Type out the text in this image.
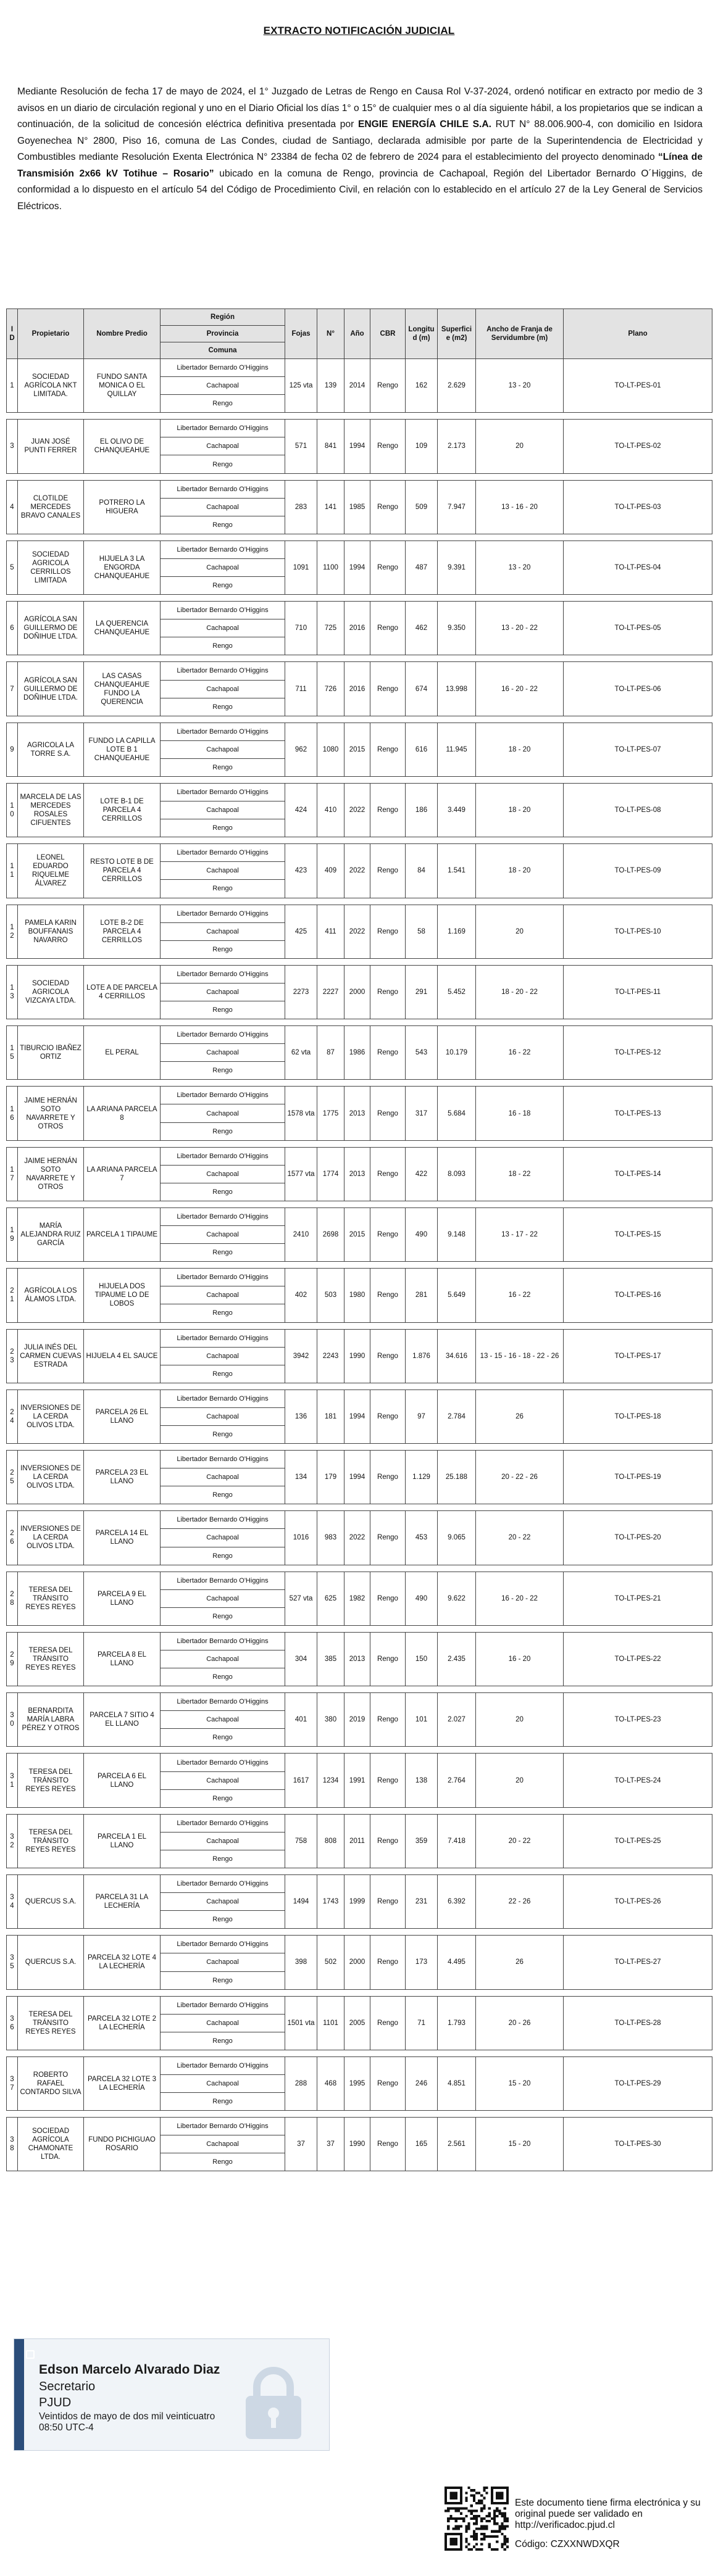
EXTRACTO NOTIFICACIÓN JUDICIAL
Mediante Resolución de fecha 17 de mayo de 2024, el 1° Juzgado de Letras de Rengo en Causa Rol V-37-2024, ordenó notificar en extracto por medio de 3 avisos en un diario de circulación regional y uno en el Diario Oficial los días 1° o 15° de cualquier mes o al día siguiente hábil, a los propietarios que se indican a continuación, de la solicitud de concesión eléctrica definitiva presentada por ENGIE ENERGÍA CHILE S.A. RUT N° 88.006.900-4, con domicilio en Isidora Goyenechea N° 2800, Piso 16, comuna de Las Condes, ciudad de Santiago, declarada admisible por parte de la Superintendencia de Electricidad y Combustibles mediante Resolución Exenta Electrónica N° 23384 de fecha 02 de febrero de 2024 para el establecimiento del proyecto denominado “Línea de Transmisión 2x66 kV Totihue – Rosario” ubicado en la comuna de Rengo, provincia de Cachapoal, Región del Libertador Bernardo O´Higgins, de conformidad a lo dispuesto en el artículo 54 del Código de Procedimiento Civil, en relación con lo establecido en el artículo 27 de la Ley General de Servicios Eléctricos.
ID	Propietario	Nombre Predio	Región	Fojas	N°	Año	CBR	Longitud (m)	Superficie (m2)	Ancho de Franja de Servidumbre (m)	Plano
			Provincia								
			Comuna								
1	SOCIEDAD AGRÍCOLA NKT LIMITADA.	FUNDO SANTA MONICA O EL QUILLAY	Libertador Bernardo O'Higgins	125 vta	139	2014	Rengo	162	2.629	13 - 20	TO-LT-PES-01
			Cachapoal								
			Rengo								

3	JUAN JOSÉ PUNTI FERRER	EL OLIVO DE CHANQUEAHUE	Libertador Bernardo O'Higgins	571	841	1994	Rengo	109	2.173	20	TO-LT-PES-02
			Cachapoal								
			Rengo								

4	CLOTILDE MERCEDES BRAVO CANALES	POTRERO LA HIGUERA	Libertador Bernardo O'Higgins	283	141	1985	Rengo	509	7.947	13 - 16 - 20	TO-LT-PES-03
			Cachapoal								
			Rengo								

5	SOCIEDAD AGRICOLA CERRILLOS LIMITADA	HIJUELA 3 LA ENGORDA CHANQUEAHUE	Libertador Bernardo O'Higgins	1091	1100	1994	Rengo	487	9.391	13 - 20	TO-LT-PES-04
			Cachapoal								
			Rengo								

6	AGRÍCOLA SAN GUILLERMO DE DOÑIHUE LTDA.	LA QUERENCIA CHANQUEAHUE	Libertador Bernardo O'Higgins	710	725	2016	Rengo	462	9.350	13 - 20 - 22	TO-LT-PES-05
			Cachapoal								
			Rengo								

7	AGRÍCOLA SAN GUILLERMO DE DOÑIHUE LTDA.	LAS CASAS CHANQUEAHUE FUNDO LA QUERENCIA	Libertador Bernardo O'Higgins	711	726	2016	Rengo	674	13.998	16 - 20 - 22	TO-LT-PES-06
			Cachapoal								
			Rengo								

9	AGRICOLA LA TORRE S.A.	FUNDO LA CAPILLA LOTE B 1 CHANQUEAHUE	Libertador Bernardo O'Higgins	962	1080	2015	Rengo	616	11.945	18 - 20	TO-LT-PES-07
			Cachapoal								
			Rengo								

10	MARCELA DE LAS MERCEDES ROSALES CIFUENTES	LOTE B-1 DE PARCELA 4 CERRILLOS	Libertador Bernardo O'Higgins	424	410	2022	Rengo	186	3.449	18 - 20	TO-LT-PES-08
			Cachapoal								
			Rengo								

11	LEONEL EDUARDO RIQUELME ÁLVAREZ	RESTO LOTE B DE PARCELA 4 CERRILLOS	Libertador Bernardo O'Higgins	423	409	2022	Rengo	84	1.541	18 - 20	TO-LT-PES-09
			Cachapoal								
			Rengo								

12	PAMELA KARIN BOUFFANAIS NAVARRO	LOTE B-2 DE PARCELA 4 CERRILLOS	Libertador Bernardo O'Higgins	425	411	2022	Rengo	58	1.169	20	TO-LT-PES-10
			Cachapoal								
			Rengo								

13	SOCIEDAD AGRICOLA VIZCAYA LTDA.	LOTE A DE PARCELA 4 CERRILLOS	Libertador Bernardo O'Higgins	2273	2227	2000	Rengo	291	5.452	18 - 20 - 22	TO-LT-PES-11
			Cachapoal								
			Rengo								

15	TIBURCIO IBAÑEZ ORTIZ	EL PERAL	Libertador Bernardo O'Higgins	62 vta	87	1986	Rengo	543	10.179	16 - 22	TO-LT-PES-12
			Cachapoal								
			Rengo								

16	JAIME HERNÁN SOTO NAVARRETE Y OTROS	LA ARIANA PARCELA 8	Libertador Bernardo O'Higgins	1578 vta	1775	2013	Rengo	317	5.684	16 - 18	TO-LT-PES-13
			Cachapoal								
			Rengo								

17	JAIME HERNÁN SOTO NAVARRETE Y OTROS	LA ARIANA PARCELA 7	Libertador Bernardo O'Higgins	1577 vta	1774	2013	Rengo	422	8.093	18 - 22	TO-LT-PES-14
			Cachapoal								
			Rengo								

19	MARÍA ALEJANDRA RUIZ GARCÍA	PARCELA 1 TIPAUME	Libertador Bernardo O'Higgins	2410	2698	2015	Rengo	490	9.148	13 - 17 - 22	TO-LT-PES-15
			Cachapoal								
			Rengo								

21	AGRÍCOLA LOS ÁLAMOS LTDA.	HIJUELA DOS TIPAUME LO DE LOBOS	Libertador Bernardo O'Higgins	402	503	1980	Rengo	281	5.649	16 - 22	TO-LT-PES-16
			Cachapoal								
			Rengo								

23	JULIA INÉS DEL CARMEN CUEVAS ESTRADA	HIJUELA 4 EL SAUCE	Libertador Bernardo O'Higgins	3942	2243	1990	Rengo	1.876	34.616	13 - 15 - 16 - 18 - 22 - 26	TO-LT-PES-17
			Cachapoal								
			Rengo								

24	INVERSIONES DE LA CERDA OLIVOS LTDA.	PARCELA 26 EL LLANO	Libertador Bernardo O'Higgins	136	181	1994	Rengo	97	2.784	26	TO-LT-PES-18
			Cachapoal								
			Rengo								

25	INVERSIONES DE LA CERDA OLIVOS LTDA.	PARCELA 23 EL LLANO	Libertador Bernardo O'Higgins	134	179	1994	Rengo	1.129	25.188	20 - 22 - 26	TO-LT-PES-19
			Cachapoal								
			Rengo								

26	INVERSIONES DE LA CERDA OLIVOS LTDA.	PARCELA 14 EL LLANO	Libertador Bernardo O'Higgins	1016	983	2022	Rengo	453	9.065	20 - 22	TO-LT-PES-20
			Cachapoal								
			Rengo								

28	TERESA DEL TRÁNSITO REYES REYES	PARCELA 9 EL LLANO	Libertador Bernardo O'Higgins	527 vta	625	1982	Rengo	490	9.622	16 - 20 - 22	TO-LT-PES-21
			Cachapoal								
			Rengo								

29	TERESA DEL TRÁNSITO REYES REYES	PARCELA 8 EL LLANO	Libertador Bernardo O'Higgins	304	385	2013	Rengo	150	2.435	16 - 20	TO-LT-PES-22
			Cachapoal								
			Rengo								

30	BERNARDITA MARÍA LABRA PÉREZ Y OTROS	PARCELA 7 SITIO 4 EL LLANO	Libertador Bernardo O'Higgins	401	380	2019	Rengo	101	2.027	20	TO-LT-PES-23
			Cachapoal								
			Rengo								

31	TERESA DEL TRÁNSITO REYES REYES	PARCELA 6 EL LLANO	Libertador Bernardo O'Higgins	1617	1234	1991	Rengo	138	2.764	20	TO-LT-PES-24
			Cachapoal								
			Rengo								

32	TERESA DEL TRÁNSITO REYES REYES	PARCELA 1 EL LLANO	Libertador Bernardo O'Higgins	758	808	2011	Rengo	359	7.418	20 - 22	TO-LT-PES-25
			Cachapoal								
			Rengo								

34	QUERCUS S.A.	PARCELA 31 LA LECHERÍA	Libertador Bernardo O'Higgins	1494	1743	1999	Rengo	231	6.392	22 - 26	TO-LT-PES-26
			Cachapoal								
			Rengo								

35	QUERCUS S.A.	PARCELA 32 LOTE 4 LA LECHERÍA	Libertador Bernardo O'Higgins	398	502	2000	Rengo	173	4.495	26	TO-LT-PES-27
			Cachapoal								
			Rengo								

36	TERESA DEL TRÁNSITO REYES REYES	PARCELA 32 LOTE 2 LA LECHERÍA	Libertador Bernardo O'Higgins	1501 vta	1101	2005	Rengo	71	1.793	20 - 26	TO-LT-PES-28
			Cachapoal								
			Rengo								

37	ROBERTO RAFAEL CONTARDO SILVA	PARCELA 32 LOTE 3 LA LECHERÍA	Libertador Bernardo O'Higgins	288	468	1995	Rengo	246	4.851	15 - 20	TO-LT-PES-29
			Cachapoal								
			Rengo								

38	SOCIEDAD AGRÍCOLA CHAMONATE LTDA.	FUNDO PICHIGUAO ROSARIO	Libertador Bernardo O'Higgins	37	37	1990	Rengo	165	2.561	15 - 20	TO-LT-PES-30
			Cachapoal								
			Rengo								
Edson Marcelo Alvarado Diaz
Secretario
PJUD
Veintidos de mayo de dos mil veinticuatro
08:50 UTC-4
Este documento tiene firma electrónica y su original puede ser validado en http://verificadoc.pjud.cl
Código: CZXXNWDXQR
